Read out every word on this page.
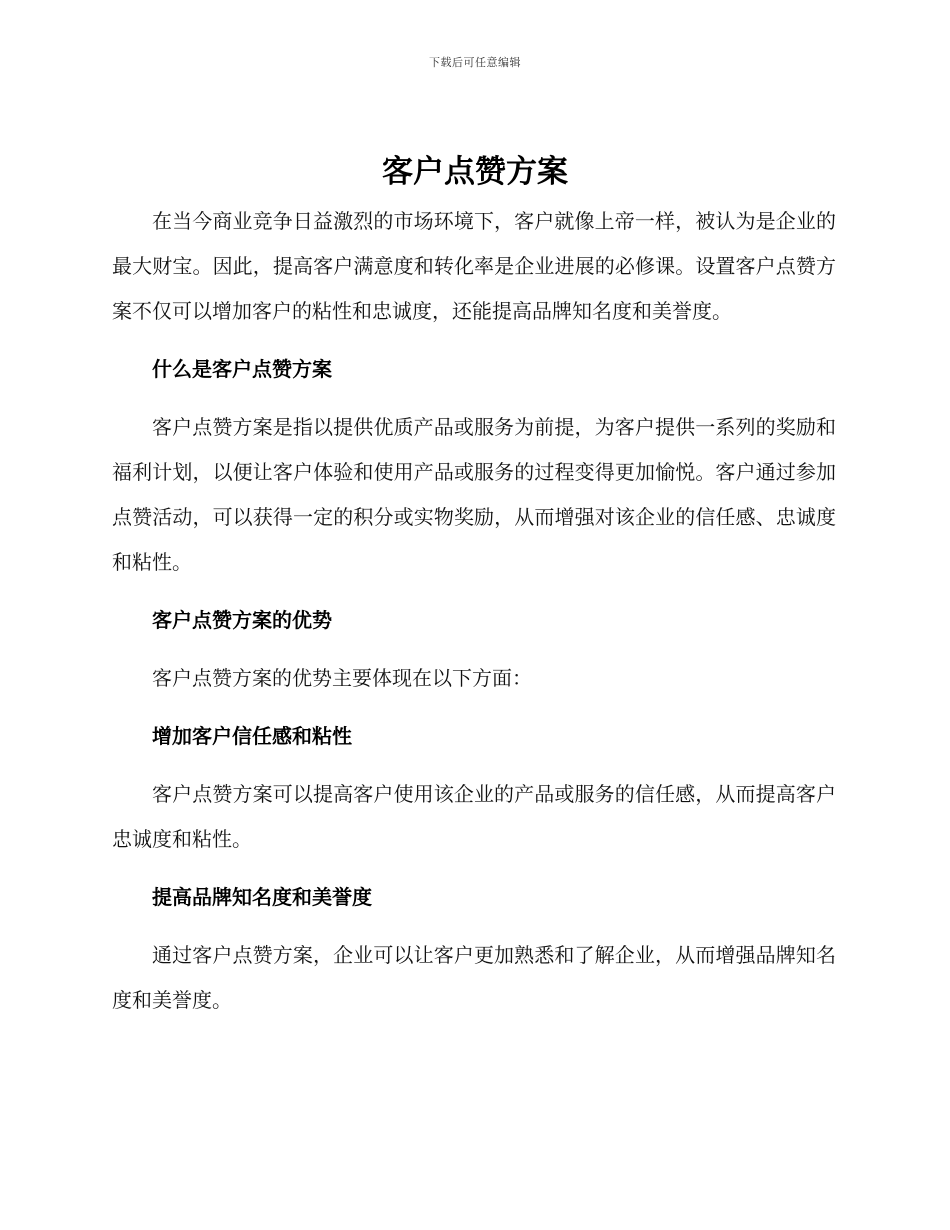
下载后可任意编辑
客户点赞方案

在当今商业竞争日益激烈的市场环境下，客户就像上帝一样，被认为是企业的最大财宝。因此，提高客户满意度和转化率是企业进展的必修课。设置客户点赞方案不仅可以增加客户的粘性和忠诚度，还能提高品牌知名度和美誉度。

什么是客户点赞方案

客户点赞方案是指以提供优质产品或服务为前提，为客户提供一系列的奖励和福利计划，以便让客户体验和使用产品或服务的过程变得更加愉悦。客户通过参加点赞活动，可以获得一定的积分或实物奖励，从而增强对该企业的信任感、忠诚度和粘性。

客户点赞方案的优势

客户点赞方案的优势主要体现在以下方面：

增加客户信任感和粘性

客户点赞方案可以提高客户使用该企业的产品或服务的信任感，从而提高客户忠诚度和粘性。

提高品牌知名度和美誉度

通过客户点赞方案，企业可以让客户更加熟悉和了解企业，从而增强品牌知名度和美誉度。
